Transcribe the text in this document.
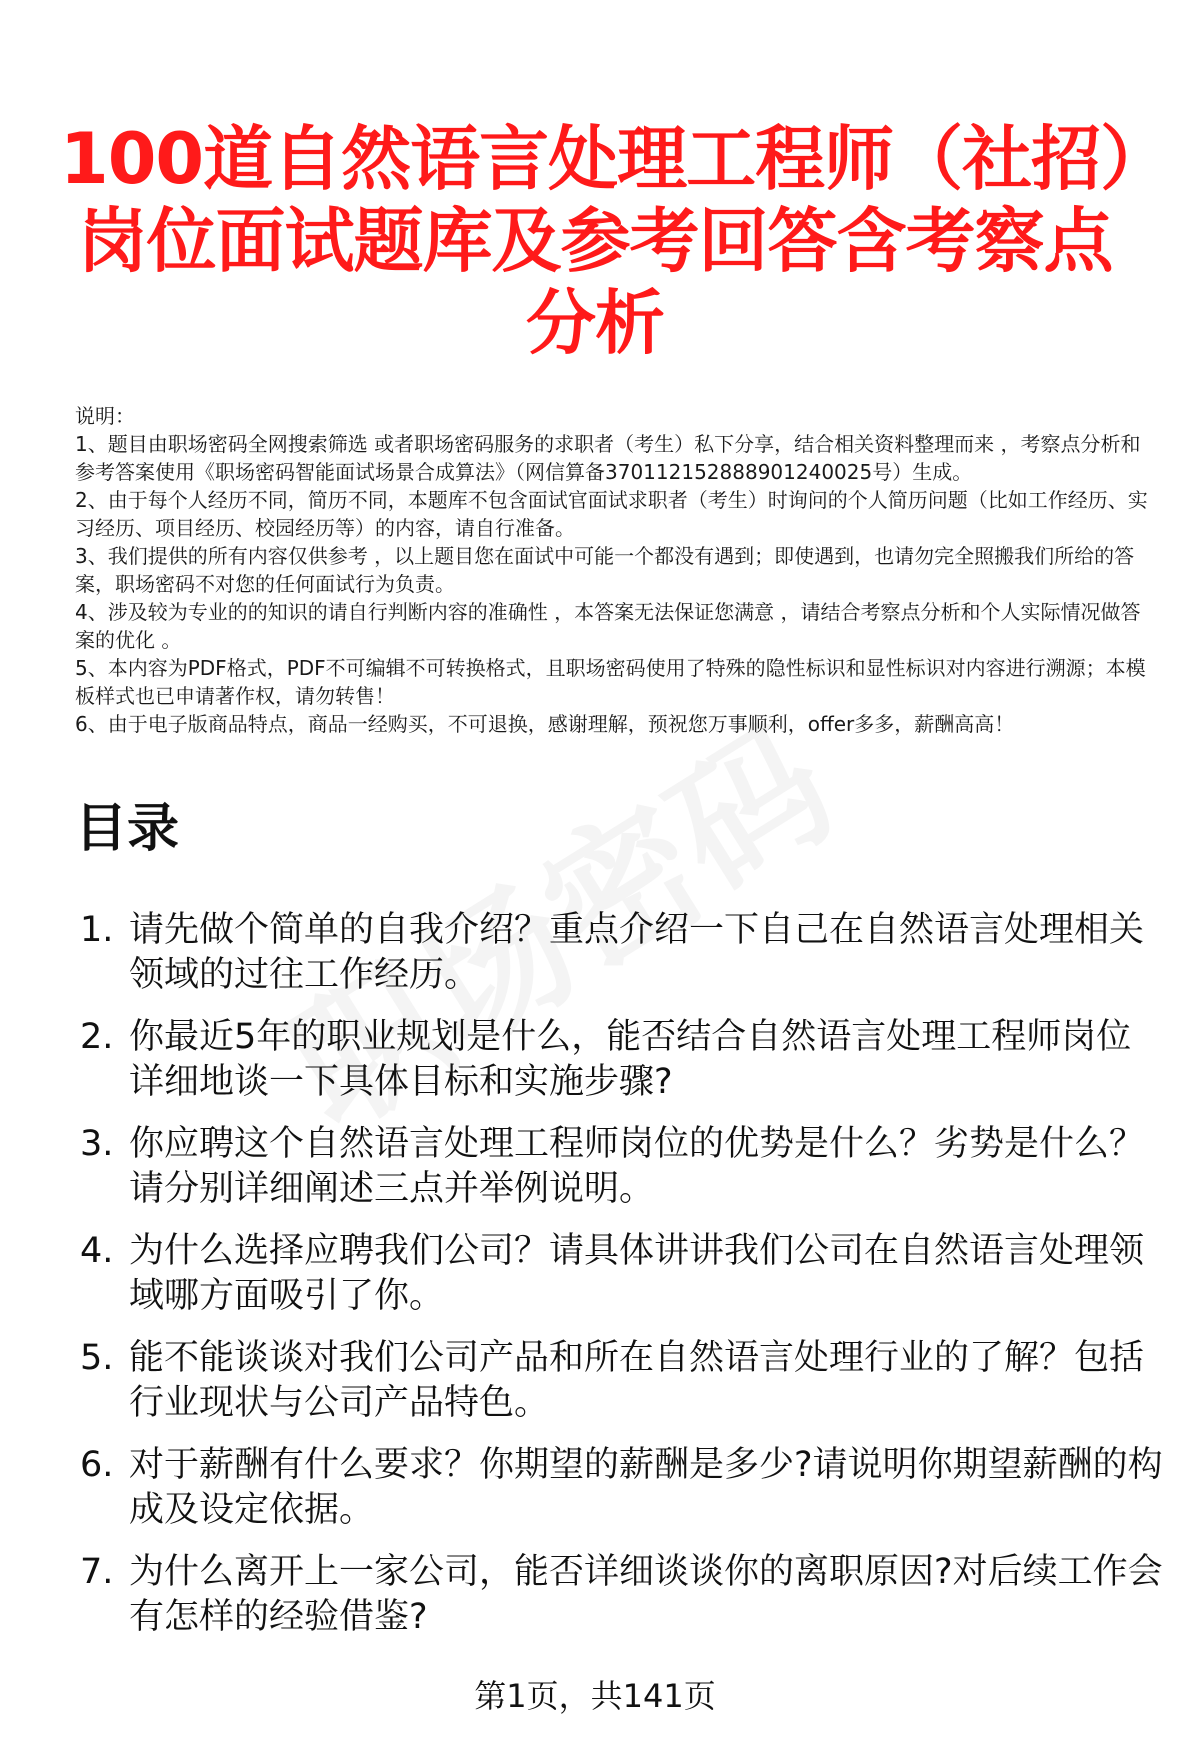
100道自然语言处理工程师（社招）
岗位面试题库及参考回答含考察点
分析
说明：
1、题目由职场密码全网搜索筛选 或者职场密码服务的求职者（考生）私下分享，结合相关资料整理而来 ，考察点分析和参考答案使用《职场密码智能面试场景合成算法》（网信算备370112152888901240025号）生成。
2、由于每个人经历不同，简历不同，本题库不包含面试官面试求职者（考生）时询问的个人简历问题（比如工作经历、实习经历、项目经历、校园经历等）的内容，请自行准备。
3、我们提供的所有内容仅供参考 ，以上题目您在面试中可能一个都没有遇到；即使遇到，也请勿完全照搬我们所给的答案，职场密码不对您的任何面试行为负责。
4、涉及较为专业的的知识的请自行判断内容的准确性 ，本答案无法保证您满意 ，请结合考察点分析和个人实际情况做答案的优化 。
5、本内容为PDF格式，PDF不可编辑不可转换格式，且职场密码使用了特殊的隐性标识和显性标识对内容进行溯源；本模板样式也已申请著作权，请勿转售！
6、由于电子版商品特点，商品一经购买，不可退换，感谢理解，预祝您万事顺利，offer多多，薪酬高高！
目录
1. 请先做个简单的自我介绍？重点介绍一下自己在自然语言处理相关领域的过往工作经历。
2. 你最近5年的职业规划是什么，能否结合自然语言处理工程师岗位详细地谈一下具体目标和实施步骤?
3. 你应聘这个自然语言处理工程师岗位的优势是什么？劣势是什么？请分别详细阐述三点并举例说明。
4. 为什么选择应聘我们公司？请具体讲讲我们公司在自然语言处理领域哪方面吸引了你。
5. 能不能谈谈对我们公司产品和所在自然语言处理行业的了解？包括行业现状与公司产品特色。
6. 对于薪酬有什么要求？你期望的薪酬是多少?请说明你期望薪酬的构成及设定依据。
7. 为什么离开上一家公司，能否详细谈谈你的离职原因?对后续工作会有怎样的经验借鉴?
第1页，共141页
